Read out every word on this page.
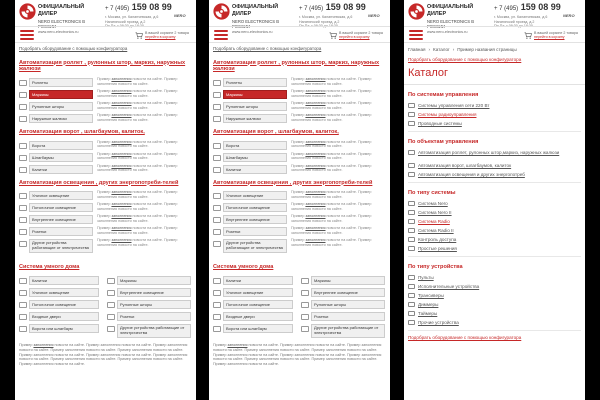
ОФИЦИАЛЬНЫЙ ДИЛЕР
NERO ELECTRONICS В РОССИИ
www.nero-electronics.ru
+ 7 (495) 159 08 99
г. Москва, ул. Каланчевская, д.6
Нагатинский проезд, д.2
Пн-Пт: с 09:30 до 18:30
NERO
В вашей корзине 2 товара
перейти в корзину
Подобрать оборудование с помощью конфигуратора
Автоматизация роллет , рулонных штор, маркиз, наружных жалюзи
Роллеты
Пример заполнения новости на сайте. Пример заполнения новости на сайте.
Маркизы
Пример заполнения новости на сайте. Пример заполнения новости на сайте.
Рулонные шторы
Пример заполнения новости на сайте. Пример заполнения новости на сайте.
Наружные жалюзи
Пример заполнения новости на сайте. Пример заполнения новости на сайте.
Автоматизация ворот , шлагбаумов, калиток,
Ворота
Пример заполнения новости на сайте. Пример заполнения новости на сайте.
Шлагбаумы
Пример заполнения новости на сайте. Пример заполнения новости на сайте.
Калитки
Пример заполнения новости на сайте. Пример заполнения новости на сайте.
Автоматизация освещения , других энергопотреби-телей
Уличное освещение
Пример заполнения новости на сайте. Пример заполнения новости на сайте.
Потолочное освещение
Пример заполнения новости на сайте. Пример заполнения новости на сайте.
Внутреннее освещение
Пример заполнения новости на сайте. Пример заполнения новости на сайте.
Розетки
Пример заполнения новости на сайте. Пример заполнения новости на сайте.
Другие устройства работающие от электричества
Пример заполнения новости на сайте. Пример заполнения новости на сайте.
Система умного дома
Калитки
Уличное освещение
Потолочное освещение
Входные двери
Ворота или шлагбаум
Маркизы
Внутреннее освещение
Рулонные шторы
Розетки
Другие устройства работающие от электричества
Пример заполнения новости на сайте. Пример заполнения новости на сайте. Пример заполнения новости на сайте. Пример заполнения новости на сайте. Пример заполнения новости на сайте. Пример заполнения новости на сайте. Пример заполнения новости на сайте. Пример заполнения новости на сайте. Пример заполнения новости на сайте. Пример заполнения новости на сайте. Пример заполнения новости на сайте.
ОФИЦИАЛЬНЫЙ ДИЛЕР
NERO ELECTRONICS В РОССИИ
www.nero-electronics.ru
+ 7 (495) 159 08 99
г. Москва, ул. Каланчевская, д.6
Нагатинский проезд, д.2
Пн-Пт: с 09:30 до 18:30
NERO
В вашей корзине 2 товара
перейти в корзину
Подобрать оборудование с помощью конфигуратора
Автоматизация роллет , рулонных штор, маркиз, наружных жалюзи
Роллеты
Пример заполнения новости на сайте. Пример заполнения новости на сайте.
Маркизы
Пример заполнения новости на сайте. Пример заполнения новости на сайте.
Рулонные шторы
Пример заполнения новости на сайте. Пример заполнения новости на сайте.
Наружные жалюзи
Пример заполнения новости на сайте. Пример заполнения новости на сайте.
Автоматизация ворот , шлагбаумов, калиток,
Ворота
Пример заполнения новости на сайте. Пример заполнения новости на сайте.
Шлагбаумы
Пример заполнения новости на сайте. Пример заполнения новости на сайте.
Калитки
Пример заполнения новости на сайте. Пример заполнения новости на сайте.
Автоматизация освещения , других энергопотреби-телей
Уличное освещение
Пример заполнения новости на сайте. Пример заполнения новости на сайте.
Потолочное освещение
Пример заполнения новости на сайте. Пример заполнения новости на сайте.
Внутреннее освещение
Пример заполнения новости на сайте. Пример заполнения новости на сайте.
Розетки
Пример заполнения новости на сайте. Пример заполнения новости на сайте.
Другие устройства работающие от электричества
Пример заполнения новости на сайте. Пример заполнения новости на сайте.
Система умного дома
Калитки
Уличное освещение
Потолочное освещение
Входные двери
Ворота или шлагбаум
Маркизы
Внутреннее освещение
Рулонные шторы
Розетки
Другие устройства работающие от электричества
Пример заполнения новости на сайте. Пример заполнения новости на сайте. Пример заполнения новости на сайте. Пример заполнения новости на сайте. Пример заполнения новости на сайте. Пример заполнения новости на сайте. Пример заполнения новости на сайте. Пример заполнения новости на сайте. Пример заполнения новости на сайте. Пример заполнения новости на сайте. Пример заполнения новости на сайте.
ОФИЦИАЛЬНЫЙ ДИЛЕР
NERO ELECTRONICS В РОССИИ
www.nero-electronics.ru
+ 7 (495) 159 08 99
г. Москва, ул. Каланчевская, д.6
Нагатинский проезд, д.2
Пн-Пт: с 09:30 до 18:30
NERO
В вашей корзине 2 товара
перейти в корзину
Главная › Каталог › Пример названия страницы
Подобрать оборудование с помощью конфигуратора
Каталог
По системам управления
Системы управления сети 220 Вт
Системы радиоуправления
Проводные системы
По объектам управления
Автоматизация роллет, рулонных штор,маркиз, наружных жалюзи
Автоматизация ворот, шлагбаумов, калиток
Автоматизация освещения и других энергопотреб
По типу системы
Система Nero
Система Nero II
Система Radio
Система Radio II
Контроль доступа
Простые решения
По типу устройства
Пульты
Исполнительные устройства
Трансиверы
Диммеры
Таймеры
Прочие устройства
Подобрать оборудование с помощью конфигуратора
